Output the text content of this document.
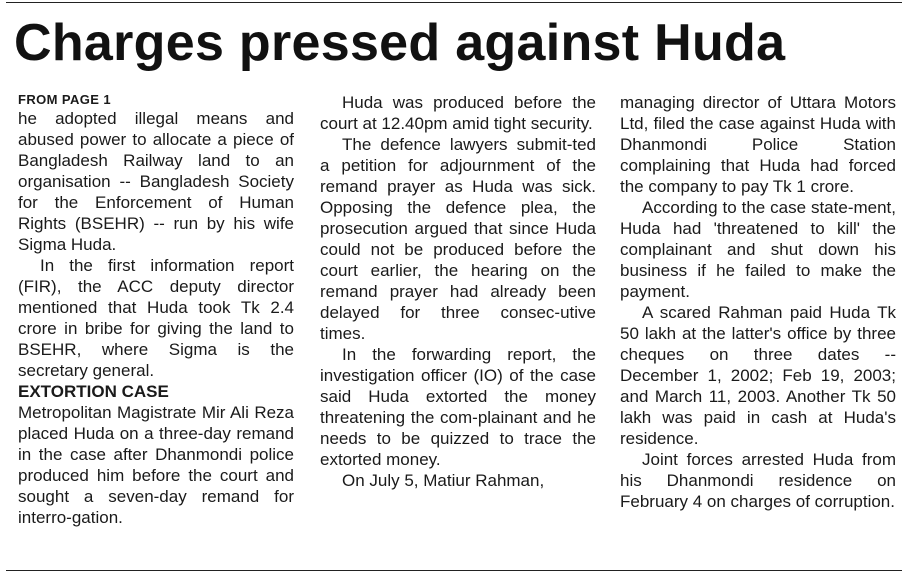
Charges pressed against Huda
FROM PAGE 1

he adopted illegal means and abused power to allocate a piece of Bangladesh Railway land to an organisation -- Bangladesh Society for the Enforcement of Human Rights (BSEHR) -- run by his wife Sigma Huda.

In the first information report (FIR), the ACC deputy director mentioned that Huda took Tk 2.4 crore in bribe for giving the land to BSEHR, where Sigma is the secretary general.

EXTORTION CASE

Metropolitan Magistrate Mir Ali Reza placed Huda on a three-day remand in the case after Dhanmondi police produced him before the court and sought a seven-day remand for interro-gation.

Huda was produced before the court at 12.40pm amid tight security.

The defence lawyers submit-ted a petition for adjournment of the remand prayer as Huda was sick. Opposing the defence plea, the prosecution argued that since Huda could not be produced before the court earlier, the hearing on the remand prayer had already been delayed for three consec-utive times.

In the forwarding report, the investigation officer (IO) of the case said Huda extorted the money threatening the com-plainant and he needs to be quizzed to trace the extorted money.

On July 5, Matiur Rahman,

managing director of Uttara Motors Ltd, filed the case against Huda with Dhanmondi Police Station complaining that Huda had forced the company to pay Tk 1 crore.

According to the case state-ment, Huda had 'threatened to kill' the complainant and shut down his business if he failed to make the payment.

A scared Rahman paid Huda Tk 50 lakh at the latter's office by three cheques on three dates -- December 1, 2002; Feb 19, 2003; and March 11, 2003. Another Tk 50 lakh was paid in cash at Huda's residence.

Joint forces arrested Huda from his Dhanmondi residence on February 4 on charges of corruption.
